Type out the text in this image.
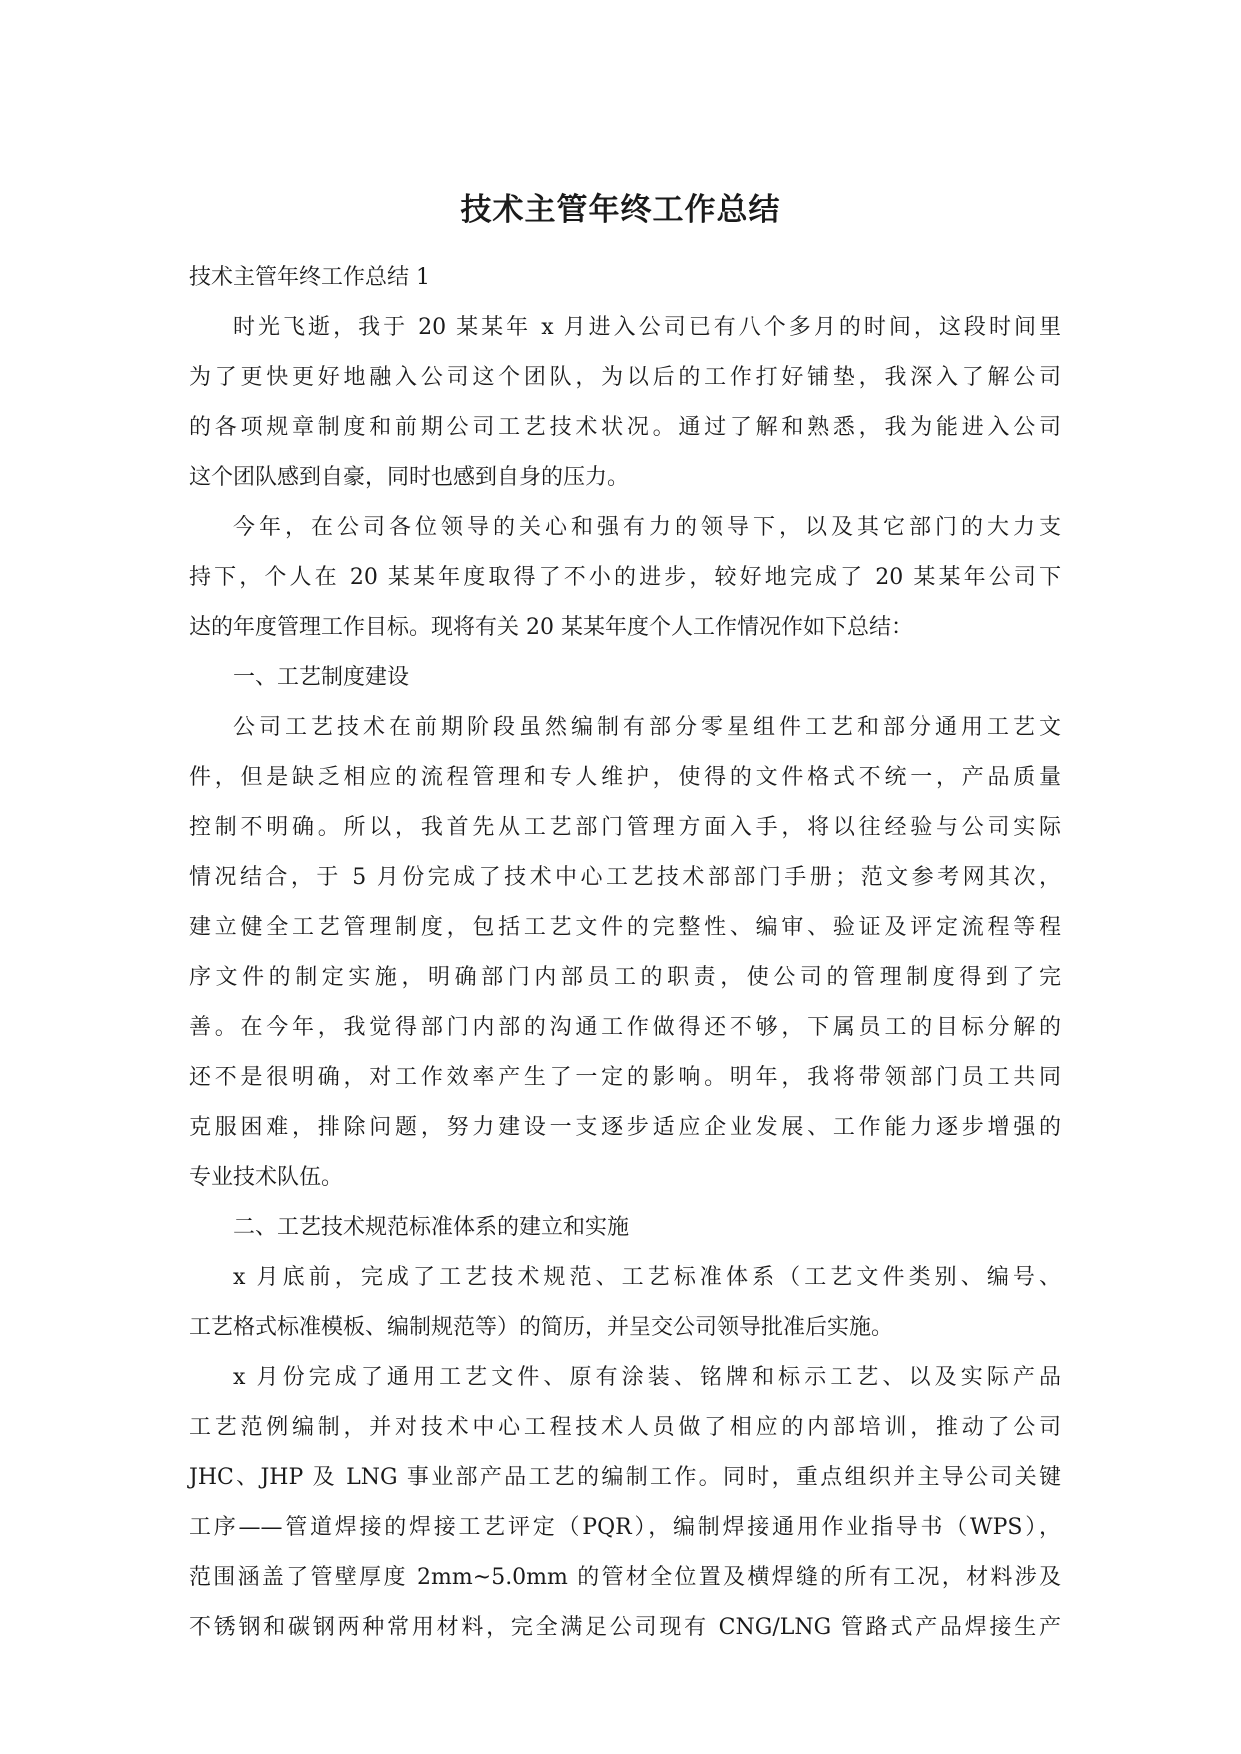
技术主管年终工作总结

技术主管年终工作总结 1

时光飞逝，我于 20 某某年 x 月进入公司已有八个多月的时间，这段时间里
为了更快更好地融入公司这个团队，为以后的工作打好铺垫，我深入了解公司
的各项规章制度和前期公司工艺技术状况。通过了解和熟悉，我为能进入公司
这个团队感到自豪，同时也感到自身的压力。

今年，在公司各位领导的关心和强有力的领导下，以及其它部门的大力支
持下，个人在 20 某某年度取得了不小的进步，较好地完成了 20 某某年公司下
达的年度管理工作目标。现将有关 20 某某年度个人工作情况作如下总结：

一、工艺制度建设

公司工艺技术在前期阶段虽然编制有部分零星组件工艺和部分通用工艺文
件，但是缺乏相应的流程管理和专人维护，使得的文件格式不统一，产品质量
控制不明确。所以，我首先从工艺部门管理方面入手，将以往经验与公司实际
情况结合，于 5 月份完成了技术中心工艺技术部部门手册；范文参考网其次，
建立健全工艺管理制度，包括工艺文件的完整性、编审、验证及评定流程等程
序文件的制定实施，明确部门内部员工的职责，使公司的管理制度得到了完
善。在今年，我觉得部门内部的沟通工作做得还不够，下属员工的目标分解的
还不是很明确，对工作效率产生了一定的影响。明年，我将带领部门员工共同
克服困难，排除问题，努力建设一支逐步适应企业发展、工作能力逐步增强的
专业技术队伍。

二、工艺技术规范标准体系的建立和实施

x 月底前，完成了工艺技术规范、工艺标准体系（工艺文件类别、编号、
工艺格式标准模板、编制规范等）的简历，并呈交公司领导批准后实施。

x 月份完成了通用工艺文件、原有涂装、铭牌和标示工艺、以及实际产品
工艺范例编制，并对技术中心工程技术人员做了相应的内部培训，推动了公司
JHC、JHP 及 LNG 事业部产品工艺的编制工作。同时，重点组织并主导公司关键
工序——管道焊接的焊接工艺评定（PQR），编制焊接通用作业指导书（WPS），
范围涵盖了管壁厚度 2mm~5.0mm 的管材全位置及横焊缝的所有工况，材料涉及
不锈钢和碳钢两种常用材料，完全满足公司现有 CNG/LNG 管路式产品焊接生产
